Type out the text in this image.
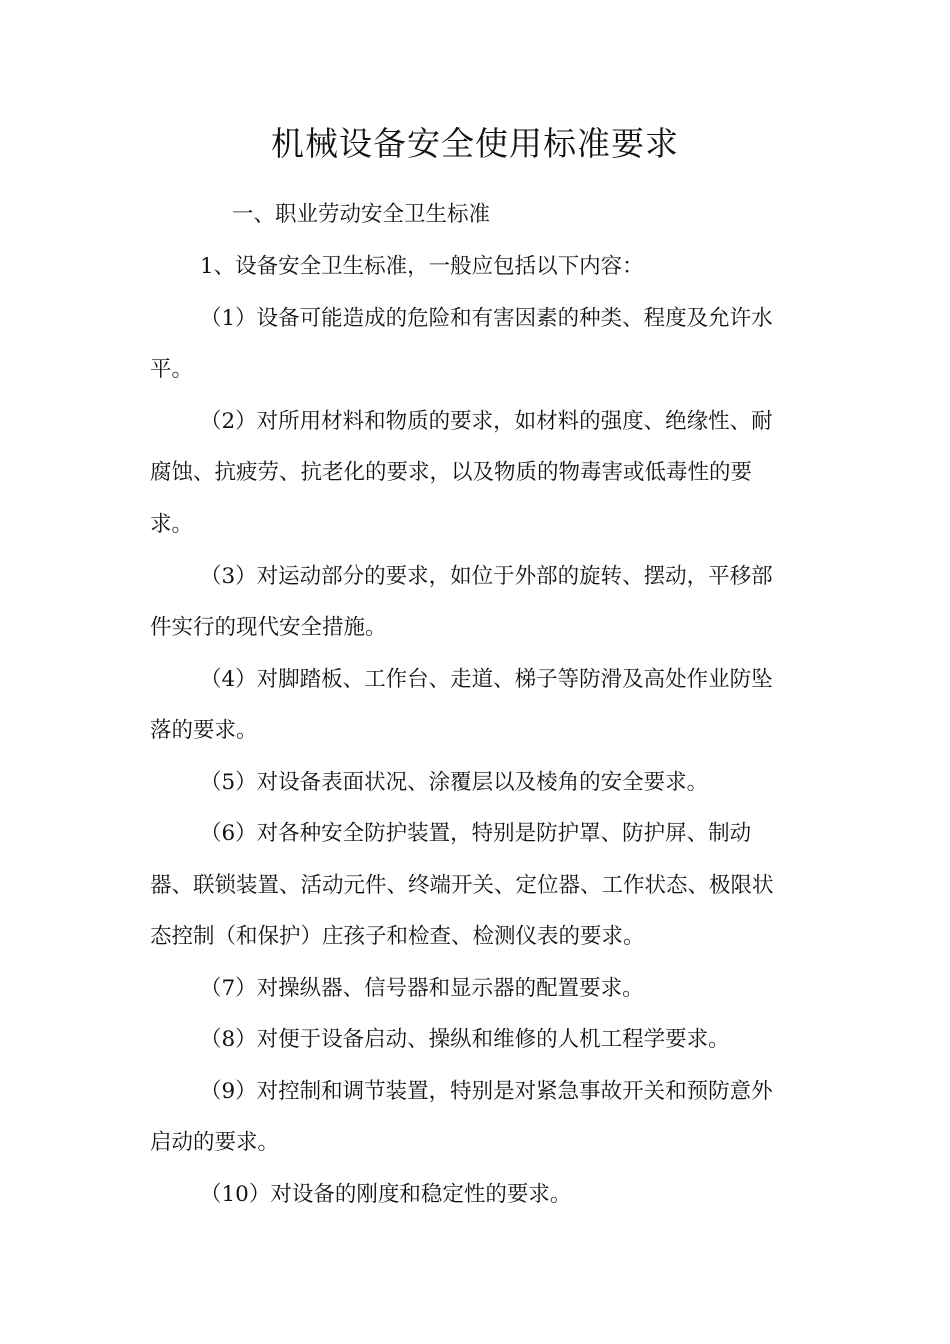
机械设备安全使用标准要求
一、职业劳动安全卫生标准
1、设备安全卫生标准，一般应包括以下内容：
（1）设备可能造成的危险和有害因素的种类、程度及允许水
平。
（2）对所用材料和物质的要求，如材料的强度、绝缘性、耐
腐蚀、抗疲劳、抗老化的要求，以及物质的物毒害或低毒性的要
求。
（3）对运动部分的要求，如位于外部的旋转、摆动，平移部
件实行的现代安全措施。
（4）对脚踏板、工作台、走道、梯子等防滑及高处作业防坠
落的要求。
（5）对设备表面状况、涂覆层以及棱角的安全要求。
（6）对各种安全防护装置，特别是防护罩、防护屏、制动
器、联锁装置、活动元件、终端开关、定位器、工作状态、极限状
态控制（和保护）庄孩子和检查、检测仪表的要求。
（7）对操纵器、信号器和显示器的配置要求。
（8）对便于设备启动、操纵和维修的人机工程学要求。
（9）对控制和调节装置，特别是对紧急事故开关和预防意外
启动的要求。
（10）对设备的刚度和稳定性的要求。
